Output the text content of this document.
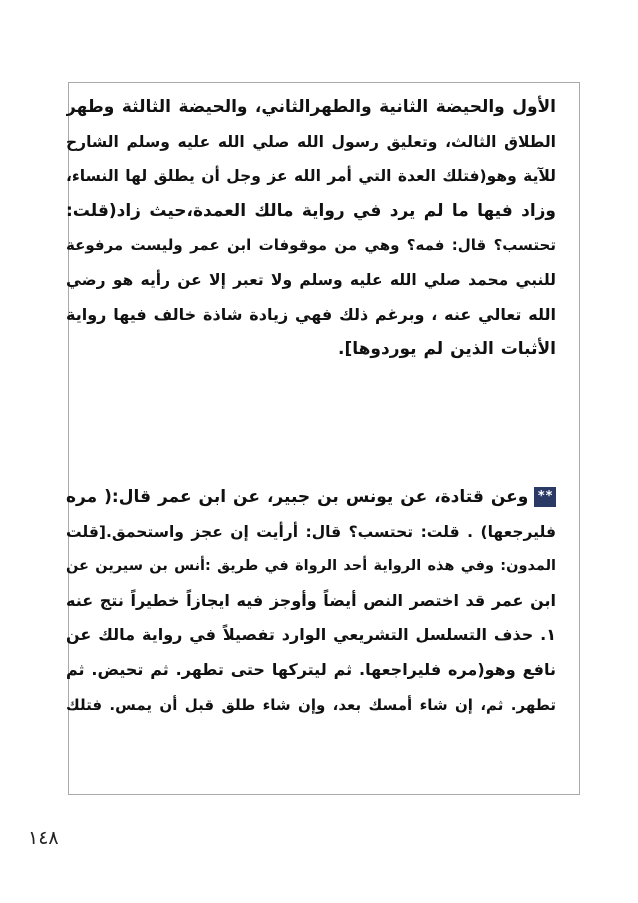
الأول والحيضة الثانية والطهرالثاني، والحيضة الثالثة وطهر
الطلاق الثالث، وتعليق رسول الله صلي الله عليه وسلم الشارح
للآية وهو(فتلك العدة التي أمر الله عز وجل أن يطلق لها النساء،
وزاد فيها ما لم يرد في رواية مالك العمدة،حيث زاد(قلت:
تحتسب؟ قال: فمه؟ وهي من موقوفات ابن عمر وليست مرفوعة
للنبي محمد صلي الله عليه وسلم ولا تعبر إلا عن رأيه هو رضي
الله تعالي عنه ، وبرغم ذلك فهي زيادة شاذة خالف فيها رواية
الأثبات الذين لم يوردوها].
**وعن قتادة، عن يونس بن جبير، عن ابن عمر قال:( مره
فليرجعها) . قلت: تحتسب؟ قال: أرأيت إن عجز واستحمق.[قلت
المدون: وفي هذه الرواية أحد الرواة في طريق :أنس بن سيرين عن
ابن عمر قد اختصر النص أيضاً وأوجز فيه ايجازاً خطيراً نتج عنه
١. حذف التسلسل التشريعي الوارد تفصيلاً في رواية مالك عن
نافع وهو(مره فليراجعها. ثم ليتركها حتى تطهر. ثم تحيض. ثم
تطهر. ثم، إن شاء أمسك بعد، وإن شاء طلق قبل أن يمس. فتلك
١٤٨
